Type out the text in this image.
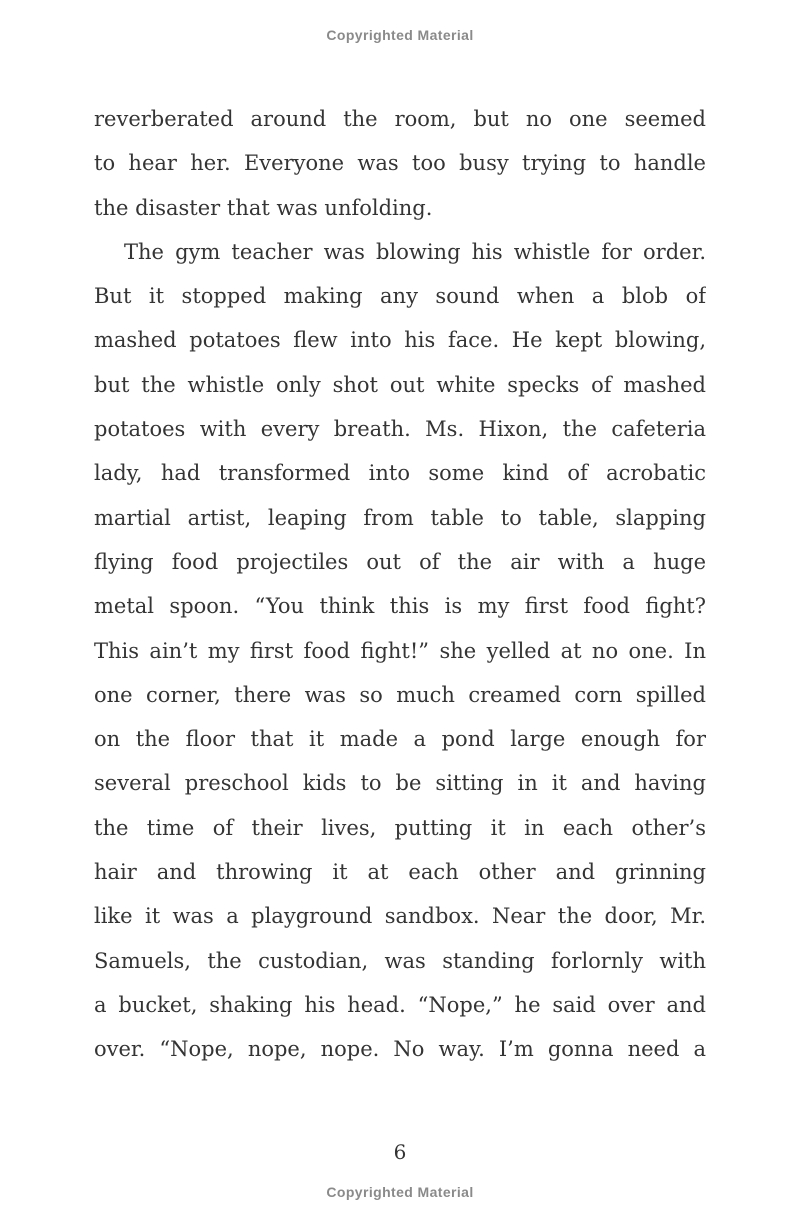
Copyrighted Material
reverberated around the room, but no one seemed
to hear her. Everyone was too busy trying to handle
the disaster that was unfolding.
The gym teacher was blowing his whistle for order.
But it stopped making any sound when a blob of
mashed potatoes flew into his face. He kept blowing,
but the whistle only shot out white specks of mashed
potatoes with every breath. Ms. Hixon, the cafeteria
lady, had transformed into some kind of acrobatic
martial artist, leaping from table to table, slapping
flying food projectiles out of the air with a huge
metal spoon. “You think this is my first food fight?
This ain’t my first food fight!” she yelled at no one. In
one corner, there was so much creamed corn spilled
on the floor that it made a pond large enough for
several preschool kids to be sitting in it and having
the time of their lives, putting it in each other’s
hair and throwing it at each other and grinning
like it was a playground sandbox. Near the door, Mr.
Samuels, the custodian, was standing forlornly with
a bucket, shaking his head. “Nope,” he said over and
over. “Nope, nope, nope. No way. I’m gonna need a
6
Copyrighted Material
